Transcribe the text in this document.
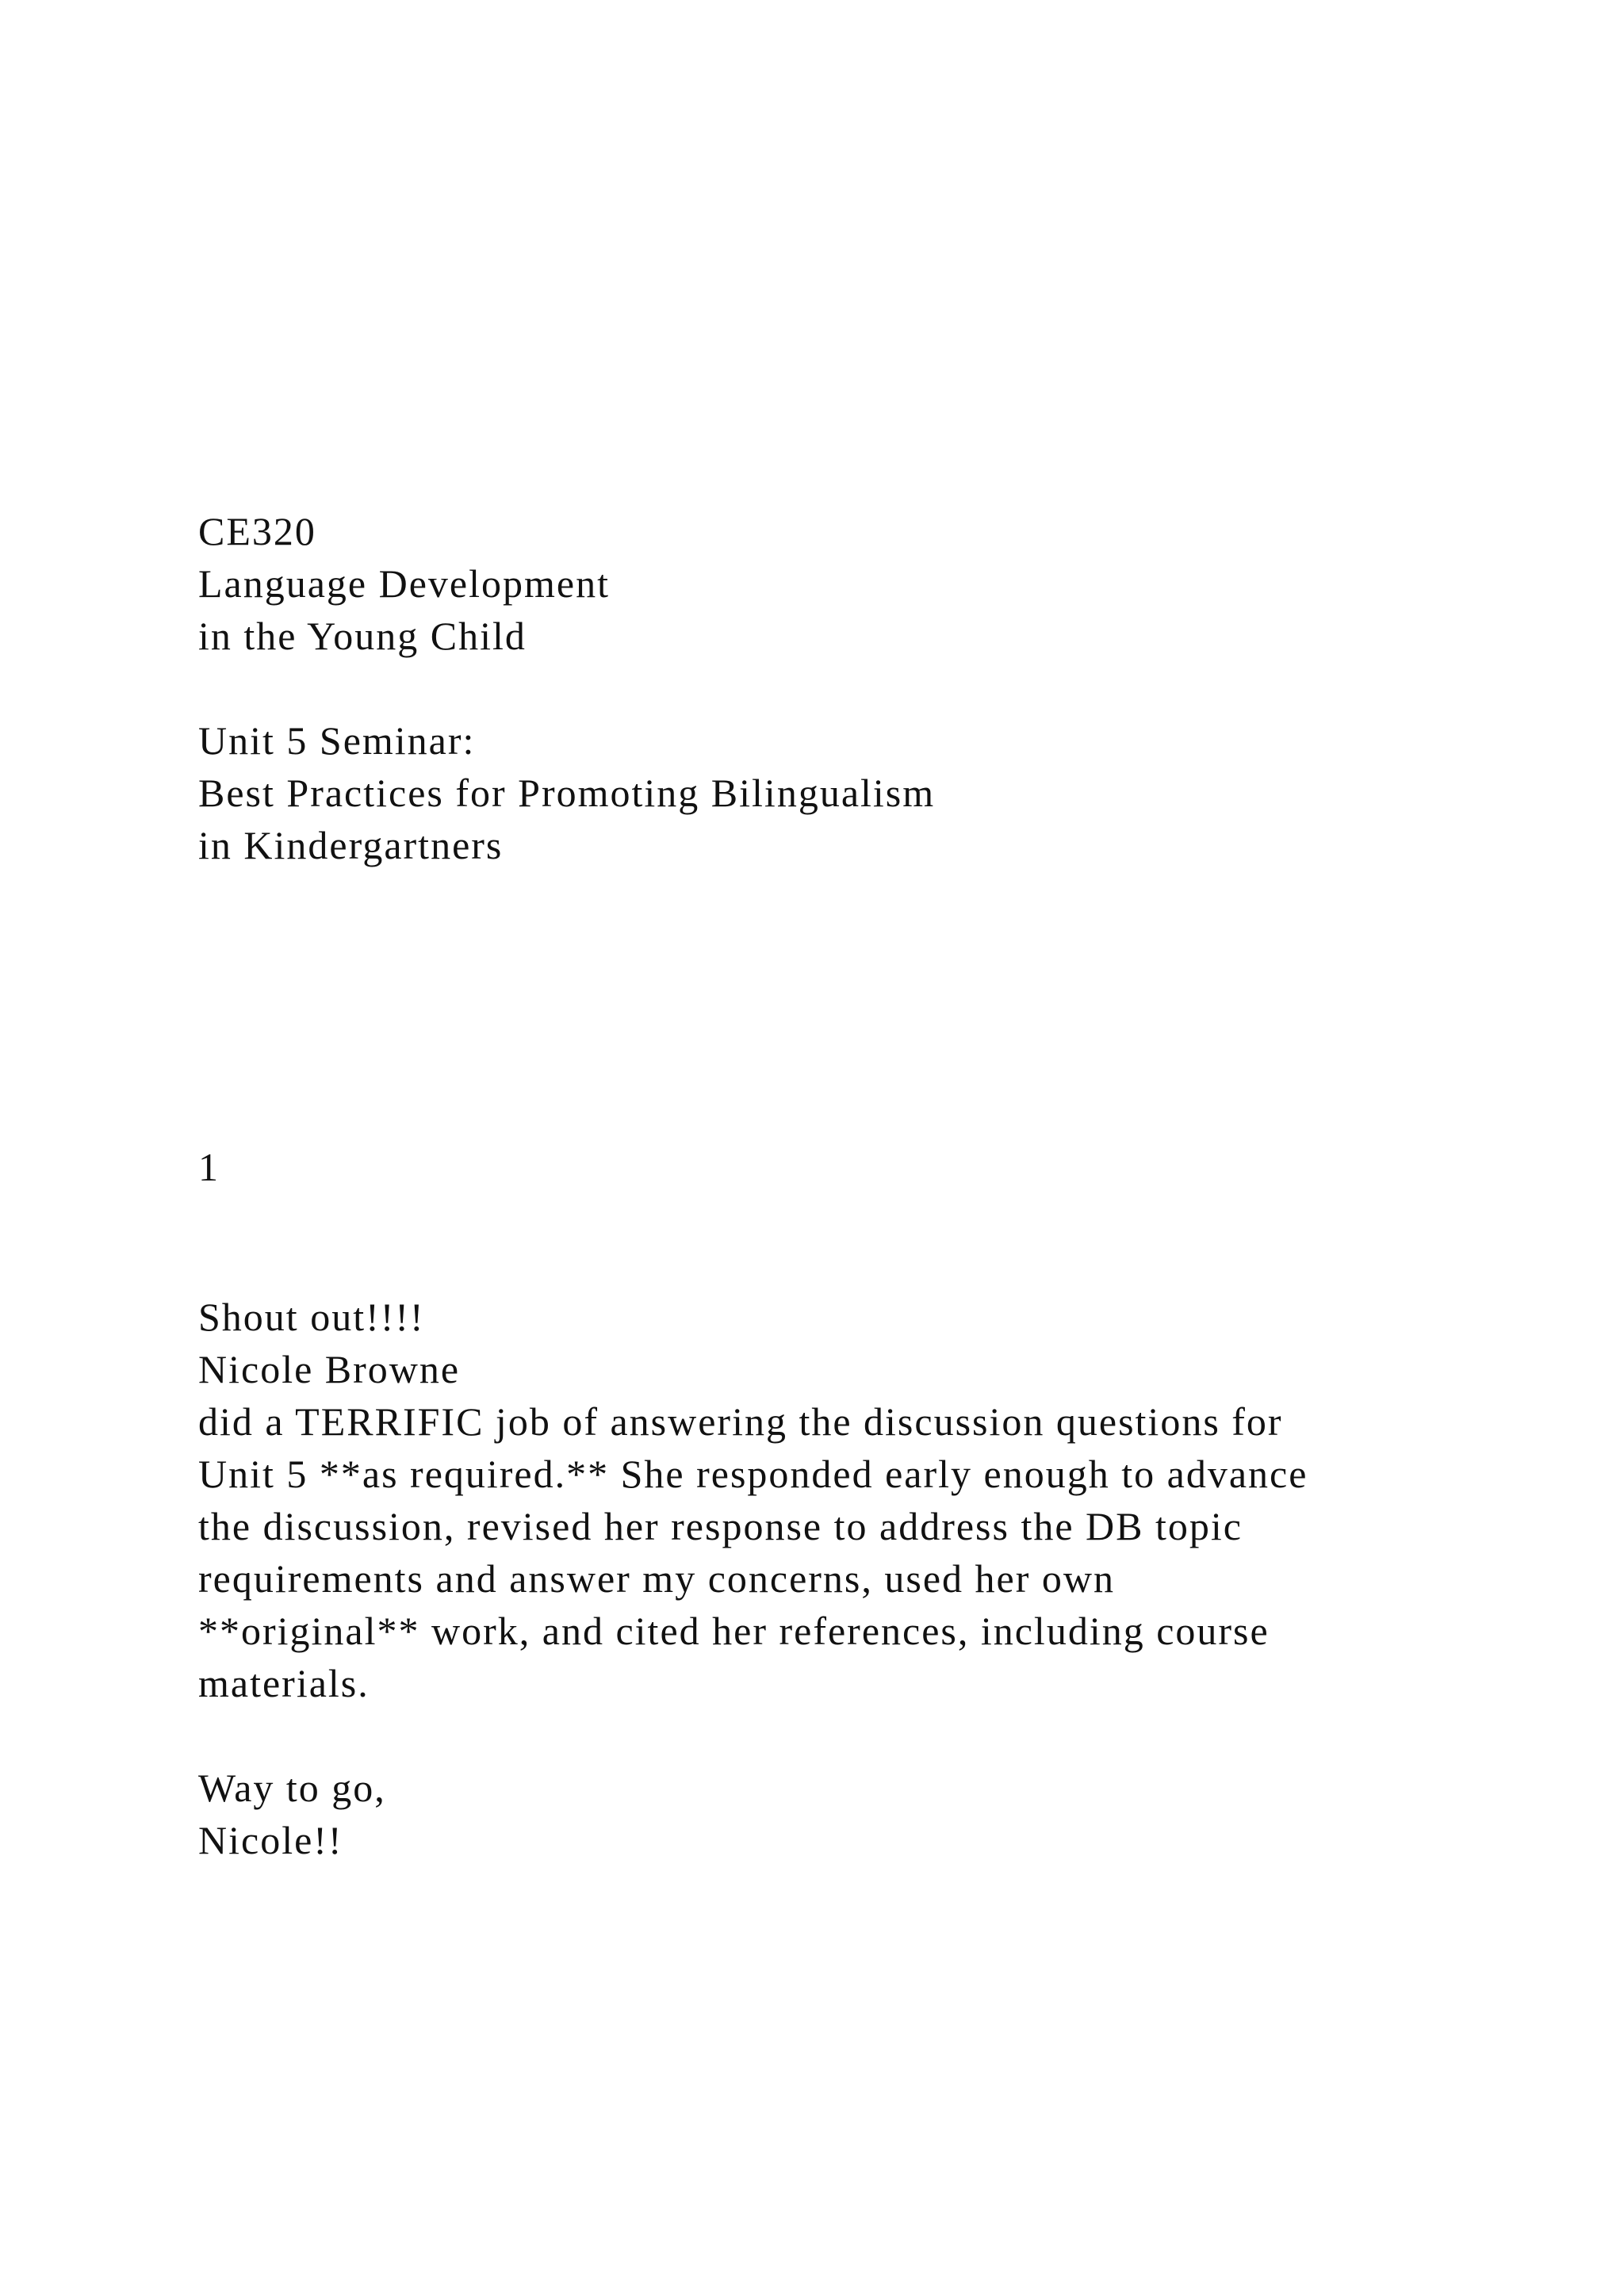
CE320

Language Development

in the Young Child

Unit 5 Seminar:

Best Practices for Promoting Bilingualism

in Kindergartners

1

Shout out!!!!

Nicole Browne

did a TERRIFIC job of answering the discussion questions for

Unit 5 **as required.** She responded early enough to advance

the discussion, revised her response to address the DB topic

requirements and answer my concerns, used her own

**original** work, and cited her references, including course

materials.

Way to go,

Nicole!!
